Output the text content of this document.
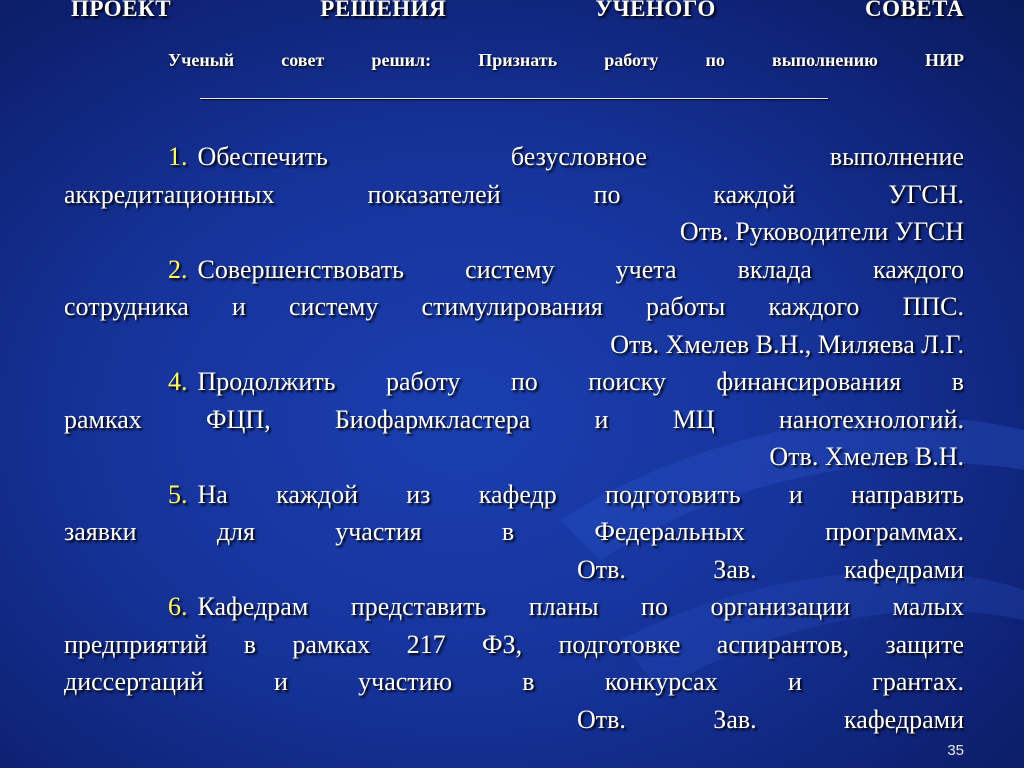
ПРОЕКТ	РЕШЕНИЯ	УЧЕНОГО	СОВЕТА
Ученый	совет	решил:	Признать	работу	по	выполнению	НИР
1. Обеспечить безусловное выполнение
аккредитационных показателей по каждой УГСН.
Отв. Руководители УГСН
2. Совершенствовать систему учета вклада каждого
сотрудника и систему стимулирования работы каждого ППС.
Отв. Хмелев В.Н., Миляева Л.Г.
4. Продолжить работу по поиску финансирования в
рамках ФЦП, Биофармкластера и МЦ нанотехнологий.
Отв. Хмелев В.Н.
5. На каждой из кафедр подготовить и направить
заявки для участия в Федеральных программах.
Отв. Зав. кафедрами
6. Кафедрам представить планы по организации малых
предприятий в рамках 217 ФЗ, подготовке аспирантов, защите
диссертаций и участию в конкурсах и грантах.
Отв. Зав. кафедрами
35
